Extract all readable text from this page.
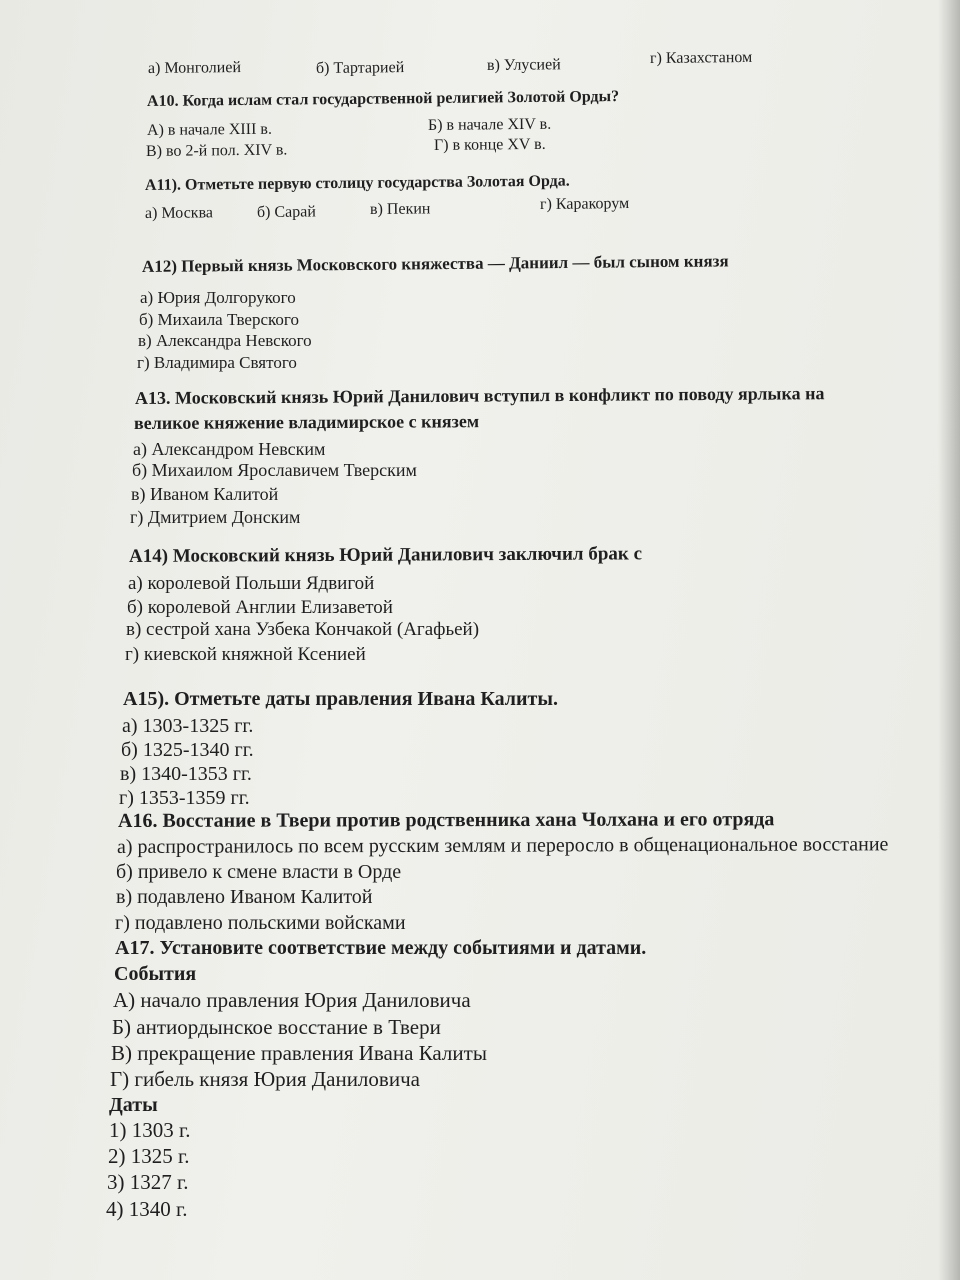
а) Монголией	б) Тартарией	в) Улусией	г) Казахстаном
А10. Когда ислам стал государственной религией Золотой Орды?
А) в начале XIII в.	Б) в начале XIV в.
В) во 2-й пол. XIV в.	Г) в конце XV в.
А11). Отметьте первую столицу государства Золотая Орда.
а) Москва	б) Сарай	в) Пекин	г) Каракорум
А12) Первый князь Московского княжества — Даниил — был сыном князя
а) Юрия Долгорукого
б) Михаила Тверского
в) Александра Невского
г) Владимира Святого
А13. Московский князь Юрий Данилович вступил в конфликт по поводу ярлыка на
великое княжение владимирское с князем
а) Александром Невским
б) Михаилом Ярославичем Тверским
в) Иваном Калитой
г) Дмитрием Донским
А14) Московский князь Юрий Данилович заключил брак с
а) королевой Польши Ядвигой
б) королевой Англии Елизаветой
в) сестрой хана Узбека Кончакой (Агафьей)
г) киевской княжной Ксенией
А15). Отметьте даты правления Ивана Калиты.
а) 1303-1325 гг.
б) 1325-1340 гг.
в) 1340-1353 гг.
г) 1353-1359 гг.
А16. Восстание в Твери против родственника хана Чолхана и его отряда
а) распространилось по всем русским землям и переросло в общенациональное восстание
б) привело к смене власти в Орде
в) подавлено Иваном Калитой
г) подавлено польскими войсками
А17. Установите соответствие между событиями и датами.
События
А) начало правления Юрия Даниловича
Б) антиордынское восстание в Твери
В) прекращение правления Ивана Калиты
Г) гибель князя Юрия Даниловича
Даты
1) 1303 г.
2) 1325 г.
3) 1327 г.
4) 1340 г.
